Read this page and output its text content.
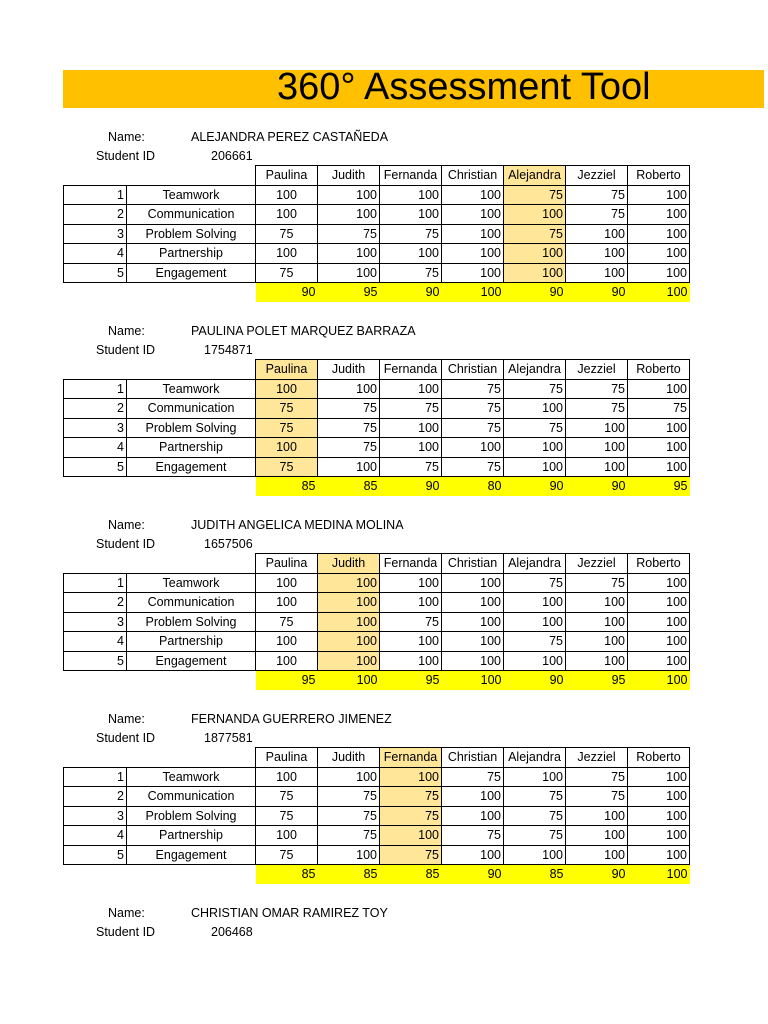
360° Assessment Tool
Name:	ALEJANDRA PEREZ CASTAÑEDA
Student ID	206661
		Paulina	Judith	Fernanda	Christian	Alejandra	Jezziel	Roberto
1	Teamwork	100	100	100	100	75	75	100
2	Communication	100	100	100	100	100	75	100
3	Problem Solving	75	75	75	100	75	100	100
4	Partnership	100	100	100	100	100	100	100
5	Engagement	75	100	75	100	100	100	100
		90	95	90	100	90	90	100
Name:	PAULINA POLET MARQUEZ BARRAZA
Student ID	1754871
		Paulina	Judith	Fernanda	Christian	Alejandra	Jezziel	Roberto
1	Teamwork	100	100	100	75	75	75	100
2	Communication	75	75	75	75	100	75	75
3	Problem Solving	75	75	100	75	75	100	100
4	Partnership	100	75	100	100	100	100	100
5	Engagement	75	100	75	75	100	100	100
		85	85	90	80	90	90	95
Name:	JUDITH ANGELICA MEDINA MOLINA
Student ID	1657506
		Paulina	Judith	Fernanda	Christian	Alejandra	Jezziel	Roberto
1	Teamwork	100	100	100	100	75	75	100
2	Communication	100	100	100	100	100	100	100
3	Problem Solving	75	100	75	100	100	100	100
4	Partnership	100	100	100	100	75	100	100
5	Engagement	100	100	100	100	100	100	100
		95	100	95	100	90	95	100
Name:	FERNANDA GUERRERO JIMENEZ
Student ID	1877581
		Paulina	Judith	Fernanda	Christian	Alejandra	Jezziel	Roberto
1	Teamwork	100	100	100	75	100	75	100
2	Communication	75	75	75	100	75	75	100
3	Problem Solving	75	75	75	100	75	100	100
4	Partnership	100	75	100	75	75	100	100
5	Engagement	75	100	75	100	100	100	100
		85	85	85	90	85	90	100
Name:	CHRISTIAN OMAR RAMIREZ TOY
Student ID	206468
